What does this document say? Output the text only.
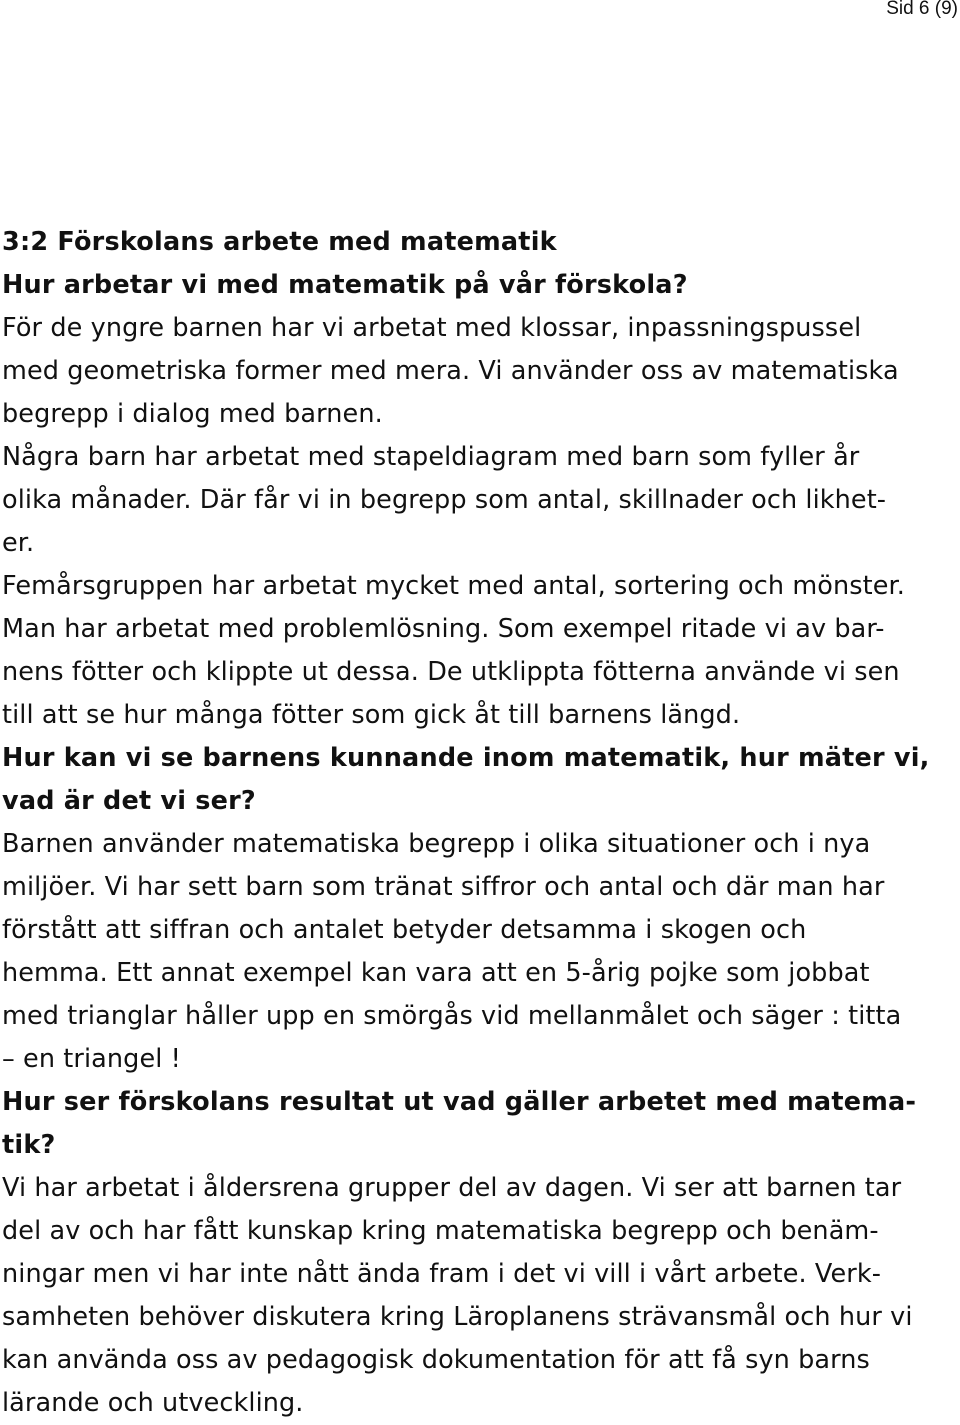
Sid 6 (9)
3:2 Förskolans arbete med matematik
Hur arbetar vi med matematik på vår förskola?
För de yngre barnen har vi arbetat med klossar, inpassningspussel
med geometriska former med mera. Vi använder oss av matematiska
begrepp i dialog med barnen.
Några barn har arbetat med stapeldiagram med barn som fyller år
olika månader. Där får vi in begrepp som antal, skillnader och likhet-
er.
Femårsgruppen har arbetat mycket med antal, sortering och mönster.
Man har arbetat med problemlösning. Som exempel ritade vi av bar-
nens fötter och klippte ut dessa. De utklippta fötterna använde vi sen
till att se hur många fötter som gick åt till barnens längd.
Hur kan vi se barnens kunnande inom matematik, hur mäter vi,
vad är det vi ser?
Barnen använder matematiska begrepp i olika situationer och i nya
miljöer. Vi har sett barn som tränat siffror och antal och där man har
förstått att siffran och antalet betyder detsamma i skogen och
hemma. Ett annat exempel kan vara att en 5-årig pojke som jobbat
med trianglar håller upp en smörgås vid mellanmålet och säger : titta
– en triangel !
Hur ser förskolans resultat ut vad gäller arbetet med matema-
tik?
Vi har arbetat i åldersrena grupper del av dagen. Vi ser att barnen tar
del av och har fått kunskap kring matematiska begrepp och benäm-
ningar men vi har inte nått ända fram i det vi vill i vårt arbete. Verk-
samheten behöver diskutera kring Läroplanens strävansmål och hur vi
kan använda oss av pedagogisk dokumentation för att få syn barns
lärande och utveckling.
